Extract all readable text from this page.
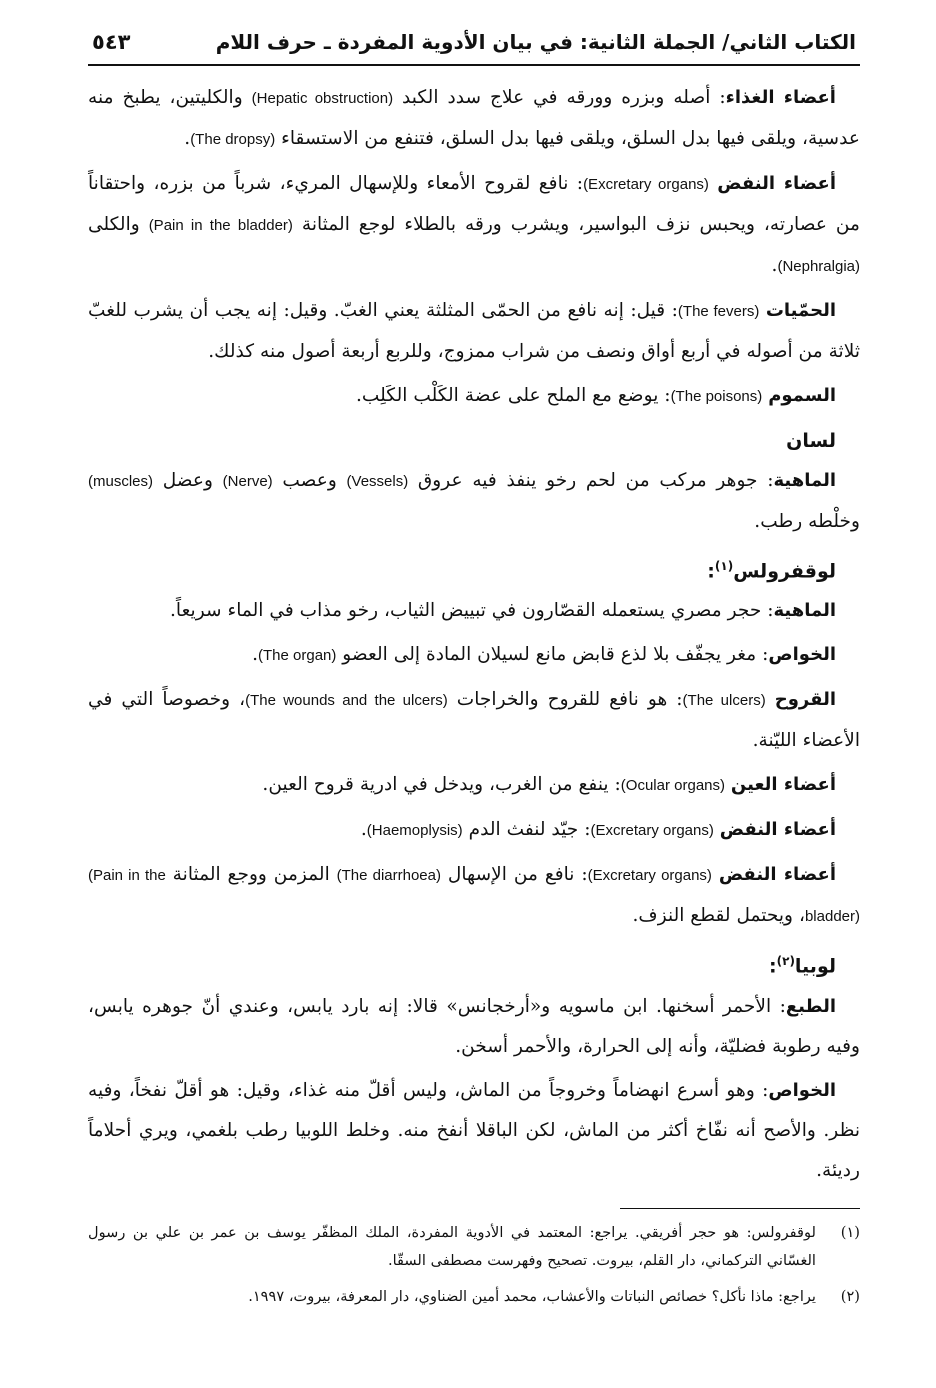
الكتاب الثاني/ الجملة الثانية: في بيان الأدوية المفردة ـ حرف اللام
٥٤٣

أعضاء الغذاء: أصله وبزره وورقه في علاج سدد الكبد (Hepatic obstruction) والكليتين، يطبخ منه عدسية، ويلقى فيها بدل السلق، ويلقى فيها بدل السلق، فتنفع من الاستسقاء (The dropsy).

أعضاء النفض (Excretary organs): نافع لقروح الأمعاء وللإسهال المريء، شرباً من بزره، واحتقاناً من عصارته، ويحبس نزف البواسير، ويشرب ورقه بالطلاء لوجع المثانة (Pain in the bladder) والكلى (Nephralgia).

الحمّيات (The fevers): قيل: إنه نافع من الحمّى المثلثة يعني الغبّ. وقيل: إنه يجب أن يشرب للغبّ ثلاثة من أصوله في أربع أواق ونصف من شراب ممزوج، وللربع أربعة أصول منه كذلك.

السموم (The poisons): يوضع مع الملح على عضة الكَلْب الكَلِب.

لسان

الماهية: جوهر مركب من لحم رخو ينفذ فيه عروق (Vessels) وعصب (Nerve) وعضل (muscles) وخلْطه رطب.

لوقفرولس$^{(١)}$:

الماهية: حجر مصري يستعمله القصّارون في تبييض الثياب، رخو مذاب في الماء سريعاً.

الخواص: مغر يجفّف بلا لذع قابض مانع لسيلان المادة إلى العضو (The organ).

القروح (The ulcers): هو نافع للقروح والخراجات (The wounds and the ulcers)، وخصوصاً التي في الأعضاء الليّنة.

أعضاء العين (Ocular organs): ينفع من الغرب، ويدخل في ادرية قروح العين.

أعضاء النفض (Excretary organs): جيّد لنفث الدم (Haemoplysis).

أعضاء النفض (Excretary organs): نافع من الإسهال (The diarrhoea) المزمن ووجع المثانة (Pain in the bladder)، ويحتمل لقطع النزف.

لوبيا$^{(٢)}$:

الطبع: الأحمر أسخنها. ابن ماسويه و«أرخجانس» قالا: إنه بارد يابس، وعندي أنّ جوهره يابس، وفيه رطوبة فضليّة، وأنه إلى الحرارة، والأحمر أسخن.

الخواص: وهو أسرع انهضاماً وخروجاً من الماش، وليس أقلّ منه غذاء، وقيل: هو أقلّ نفخاً، وفيه نظر. والأصح أنه نفّاخ أكثر من الماش، لكن الباقلا أنفخ منه. وخلط اللوبيا رطب بلغمي، ويري أحلاماً رديئة.

(١)
لوقفرولس: هو حجر أفريقي. يراجع: المعتمد في الأدوية المفردة، الملك المظفّر يوسف بن عمر بن علي بن رسول الغسّاني التركماني، دار القلم، بيروت. تصحيح وفهرست مصطفى السقّا.
(٢)
يراجع: ماذا نأكل؟ خصائص النباتات والأعشاب، محمد أمين الضناوي، دار المعرفة، بيروت، ١٩٩٧.
